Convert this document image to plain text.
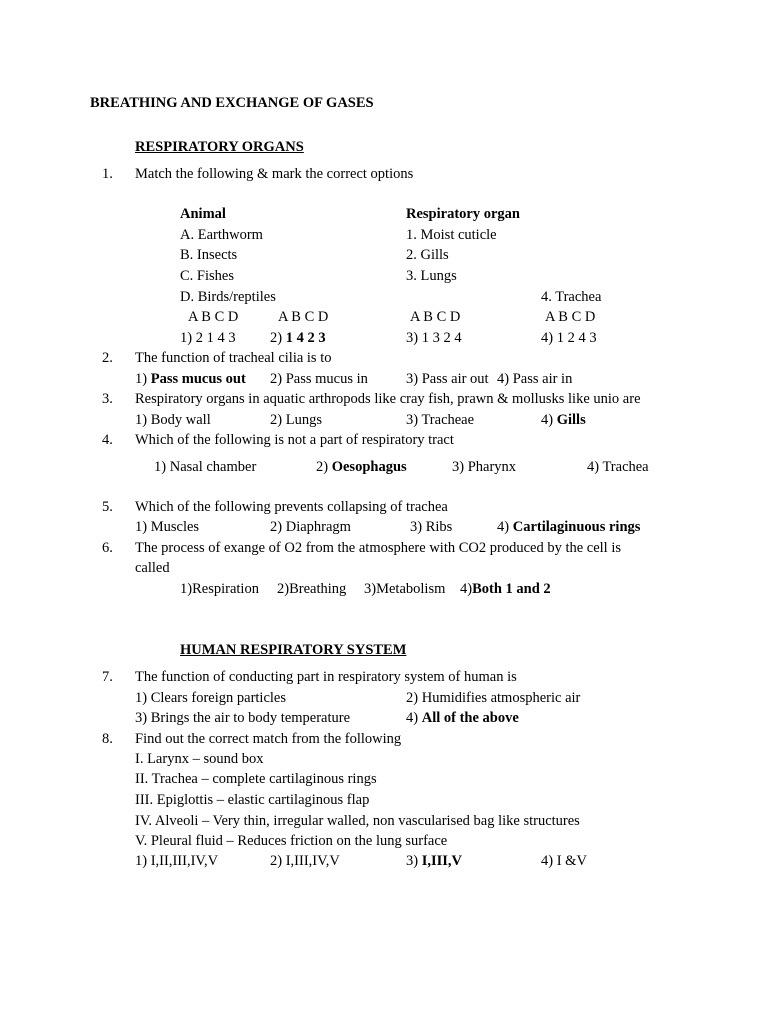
BREATHING AND EXCHANGE OF GASES
RESPIRATORY ORGANS
1. Match the following & mark the correct options
Animal	Respiratory organ
A. Earthworm	1. Moist cuticle
B. Insects	2. Gills
C. Fishes	3. Lungs
D. Birds/reptiles	4. Trachea
A B C D	A B C D	A B C D	A B C D
1) 2 1 4 3 2) 1 4 2 3	3) 1 3 2 4	4) 1 2 4 3
2. The function of tracheal cilia is to
1) Pass mucus out 2) Pass mucus in	3) Pass air out 4) Pass air in
3. Respiratory organs in aquatic arthropods like cray fish, prawn & mollusks like unio are
1) Body wall	2) Lungs	3) Tracheae	4) Gills
4. Which of the following is not a part of respiratory tract
1) Nasal chamber	2) Oesophagus	3) Pharynx	4) Trachea
5. Which of the following prevents collapsing of trachea
1) Muscles	2) Diaphragm	3) Ribs	4) Cartilaginuous rings
6. The process of exange of O2 from the atmosphere with CO2 produced by the cell is
called
1)Respiration 2)Breathing 3)Metabolism 4)Both 1 and 2
HUMAN RESPIRATORY SYSTEM
7. The function of conducting part in respiratory system of human is
1) Clears foreign particles	2) Humidifies atmospheric air
3) Brings the air to body temperature	4) All of the above
8. Find out the correct match from the following
I. Larynx – sound box
II. Trachea – complete cartilaginous rings
III. Epiglottis – elastic cartilaginous flap
IV. Alveoli – Very thin, irregular walled, non vascularised bag like structures
V. Pleural fluid – Reduces friction on the lung surface
1) I,II,III,IV,V	2) I,III,IV,V	3) I,III,V	4) I &V
